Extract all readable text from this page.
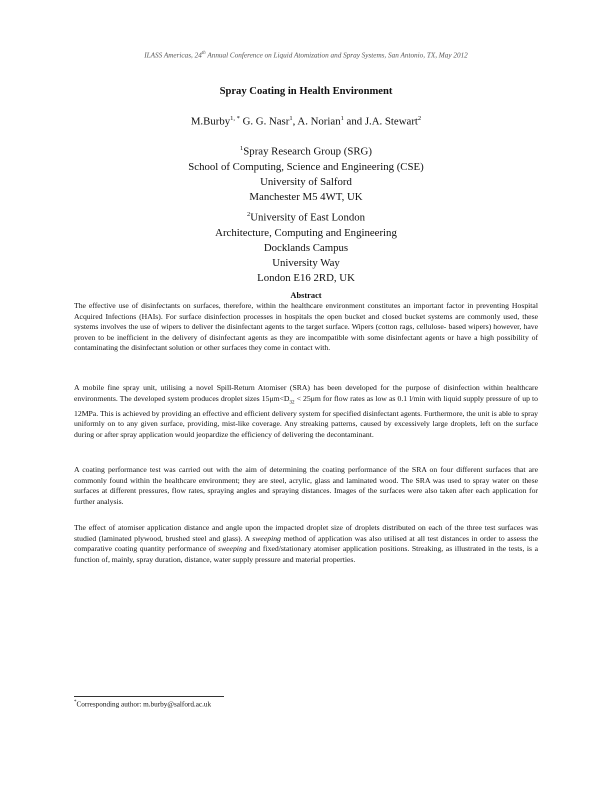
ILASS Americas, 24th Annual Conference on Liquid Atomization and Spray Systems, San Antonio, TX, May 2012
Spray Coating in Health Environment
M.Burby$^{1, *}$ G. G. Nasr$^1$, A. Norian$^1$ and J.A. Stewart$^2$
$^1$Spray Research Group (SRG)
School of Computing, Science and Engineering (CSE)
University of Salford
Manchester M5 4WT, UK
$^2$University of East London
Architecture, Computing and Engineering
Docklands Campus
University Way
London E16 2RD, UK
Abstract
The effective use of disinfectants on surfaces, therefore, within the healthcare environment constitutes an important factor in preventing Hospital Acquired Infections (HAIs). For surface disinfection processes in hospitals the open bucket and closed bucket systems are commonly used, these systems involves the use of wipers to deliver the disinfectant agents to the target surface. Wipers (cotton rags, cellulose- based wipers) however, have proven to be inefficient in the delivery of disinfectant agents as they are incompatible with some disinfectant agents or have a high possibility of contaminating the disinfectant solution or other surfaces they come in contact with.
A mobile fine spray unit, utilising a novel Spill-Return Atomiser (SRA) has been developed for the purpose of disinfection within healthcare environments. The developed system produces droplet sizes $15\mu m<D_{32} < 25\mu m$ for flow rates as low as 0.1 l/min with liquid supply pressure of up to 12MPa. This is achieved by providing an effective and efficient delivery system for specified disinfectant agents. Furthermore, the unit is able to spray uniformly on to any given surface, providing, mist-like coverage. Any streaking patterns, caused by excessively large droplets, left on the surface during or after spray application would jeopardize the efficiency of delivering the decontaminant.
A coating performance test was carried out with the aim of determining the coating performance of the SRA on four different surfaces that are commonly found within the healthcare environment; they are steel, acrylic, glass and laminated wood. The SRA was used to spray water on these surfaces at different pressures, flow rates, spraying angles and spraying distances. Images of the surfaces were also taken after each application for further analysis.
The effect of atomiser application distance and angle upon the impacted droplet size of droplets distributed on each of the three test surfaces was studied (laminated plywood, brushed steel and glass). A sweeping method of application was also utilised at all test distances in order to assess the comparative coating quantity performance of sweeping and fixed/stationary atomiser application positions. Streaking, as illustrated in the tests, is a function of, mainly, spray duration, distance, water supply pressure and material properties.
*Corresponding author: m.burby@salford.ac.uk
